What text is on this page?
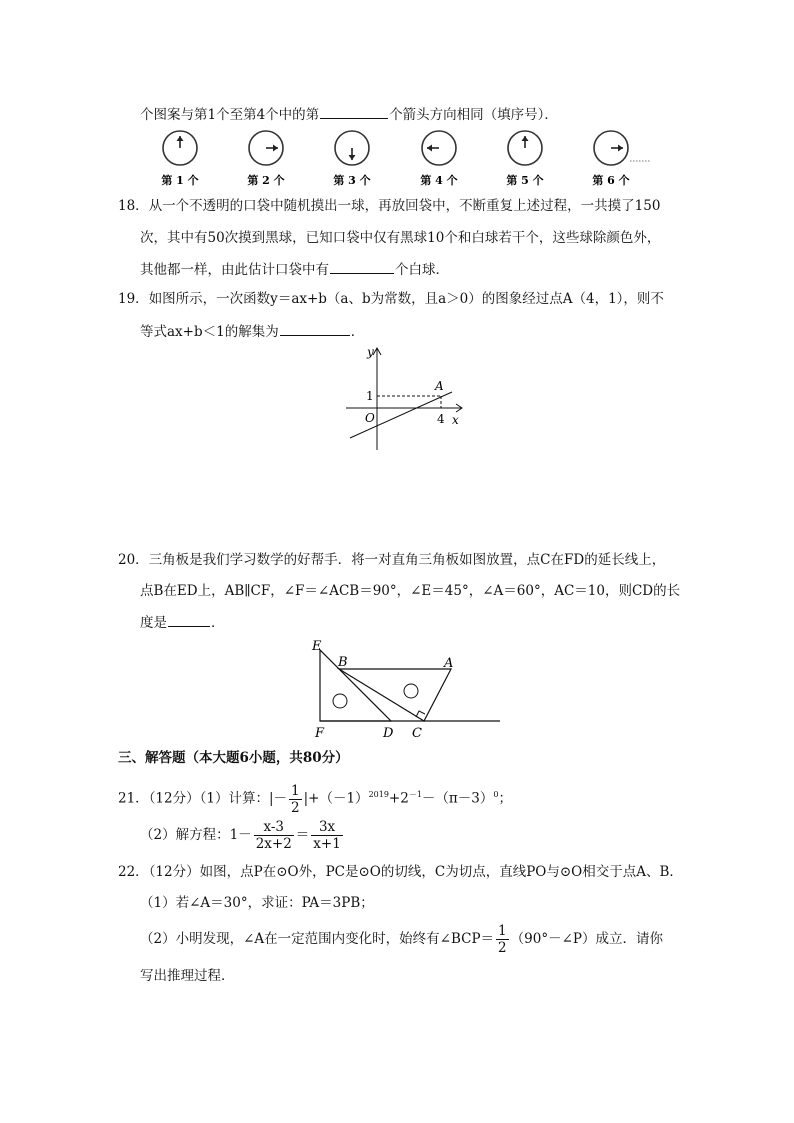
个图案与第1个至第4个中的第	个箭头方向相同（填序号）．
第 1 个	第 2 个	第 3 个	第 4 个	第 5 个	第 6 个
18．从一个不透明的口袋中随机摸出一球，再放回袋中，不断重复上述过程，一共摸了150
次，其中有50次摸到黑球，已知口袋中仅有黑球10个和白球若干个，这些球除颜色外，
其他都一样，由此估计口袋中有	个白球．
19．如图所示，一次函数y＝ax+b（a、b为常数，且a＞0）的图象经过点A（4，1），则不
等式ax+b＜1的解集为	．
y
x
O
1
4
A
20．三角板是我们学习数学的好帮手．将一对直角三角板如图放置，点C在FD的延长线上，
点B在ED上，AB∥CF，∠F＝∠ACB＝90°，∠E＝45°，∠A＝60°，AC＝10，则CD的长
度是	．
E
B	A
F	D C
三、解答题（本大题6小题，共80分）
21．（12分）（1）计算：|－ $\frac{1}{2} |+(-1)^{2019}+2^{-1}-(\pi-3)^0$；
（2）解方程：$1- \frac{x-3}{2x+2} = \frac{3x}{x+1}$
22．（12分）如图，点P在⊙O外，PC是⊙O的切线，C为切点，直线PO与⊙O相交于点A、B．
（1）若∠A＝30°，求证：PA＝3PB；
（2）小明发现，∠A在一定范围内变化时，始终有∠BCP＝ $\frac{1}{2}$ （90°－∠P）成立．请你
写出推理过程．
